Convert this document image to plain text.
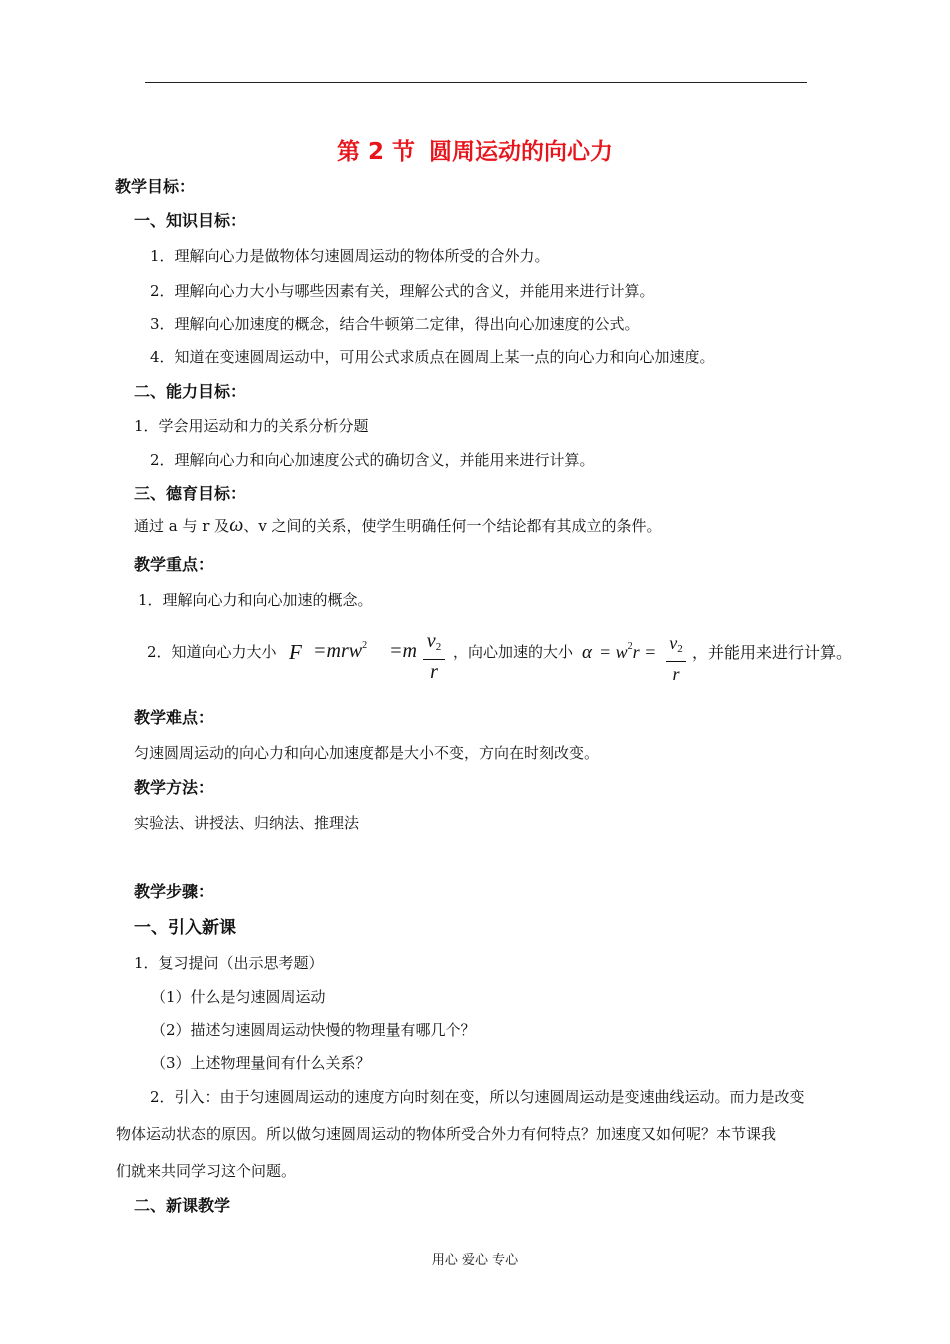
第 2 节 圆周运动的向心力
教学目标：
一、知识目标：
1．理解向心力是做物体匀速圆周运动的物体所受的合外力。
2．理解向心力大小与哪些因素有关，理解公式的含义，并能用来进行计算。
3．理解向心加速度的概念，结合牛顿第二定律，得出向心加速度的公式。
4．知道在变速圆周运动中，可用公式求质点在圆周上某一点的向心力和向心加速度。
二、能力目标：
1．学会用运动和力的关系分析分题
2．理解向心力和向心加速度公式的确切含义，并能用来进行计算。
三、德育目标：
通过 a 与 r 及ω、v 之间的关系，使学生明确任何一个结论都有其成立的条件。
教学重点：
1．理解向心力和向心加速的概念。
2．知道向心力大小 F =mrw$^2$ =m $v_2$
r
，向心加速的大小 $\alpha = w^2r = v_2$
r
，并能用来进行计算。
教学难点：
匀速圆周运动的向心力和向心加速度都是大小不变，方向在时刻改变。
教学方法：
实验法、讲授法、归纳法、推理法
教学步骤：
一、引入新课
1．复习提问（出示思考题）
（1）什么是匀速圆周运动
（2）描述匀速圆周运动快慢的物理量有哪几个？
（3）上述物理量间有什么关系？
2．引入：由于匀速圆周运动的速度方向时刻在变，所以匀速圆周运动是变速曲线运动。而力是改变
物体运动状态的原因。所以做匀速圆周运动的物体所受合外力有何特点？加速度又如何呢？本节课我
们就来共同学习这个问题。
二、新课教学
用心 爱心 专心
